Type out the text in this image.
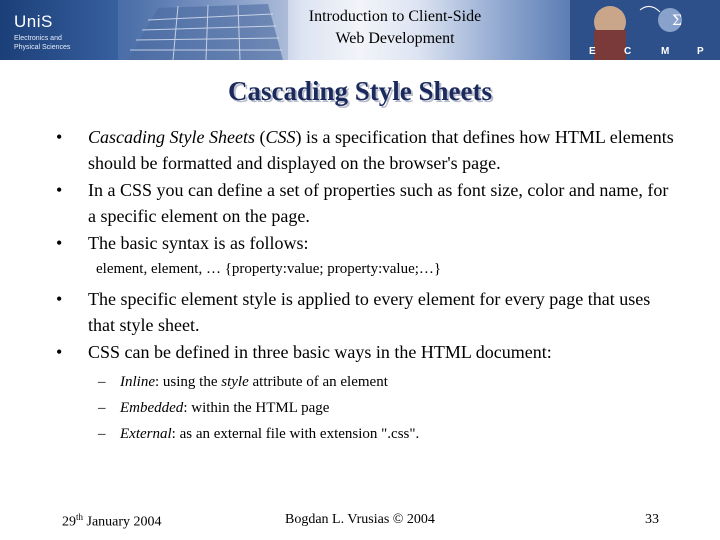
UniS
Electronics and
Physical Sciences
Σ
E	C	M	P
Introduction to Client-Side
Web Development
Cascading Style Sheets
• Cascading Style Sheets (CSS) is a specification that defines how HTML elements should be formatted and displayed on the browser's page.
• In a CSS you can define a set of properties such as font size, color and name, for a specific element on the page.
• The basic syntax is as follows:
element, element, … {property:value; property:value;…}
• The specific element style is applied to every element for every page that uses that style sheet.
• CSS can be defined in three basic ways in the HTML document:
– Inline: using the style attribute of an element
– Embedded: within the HTML page
– External: as an external file with extension ".css".
29th January 2004	Bogdan L. Vrusias © 2004	33
